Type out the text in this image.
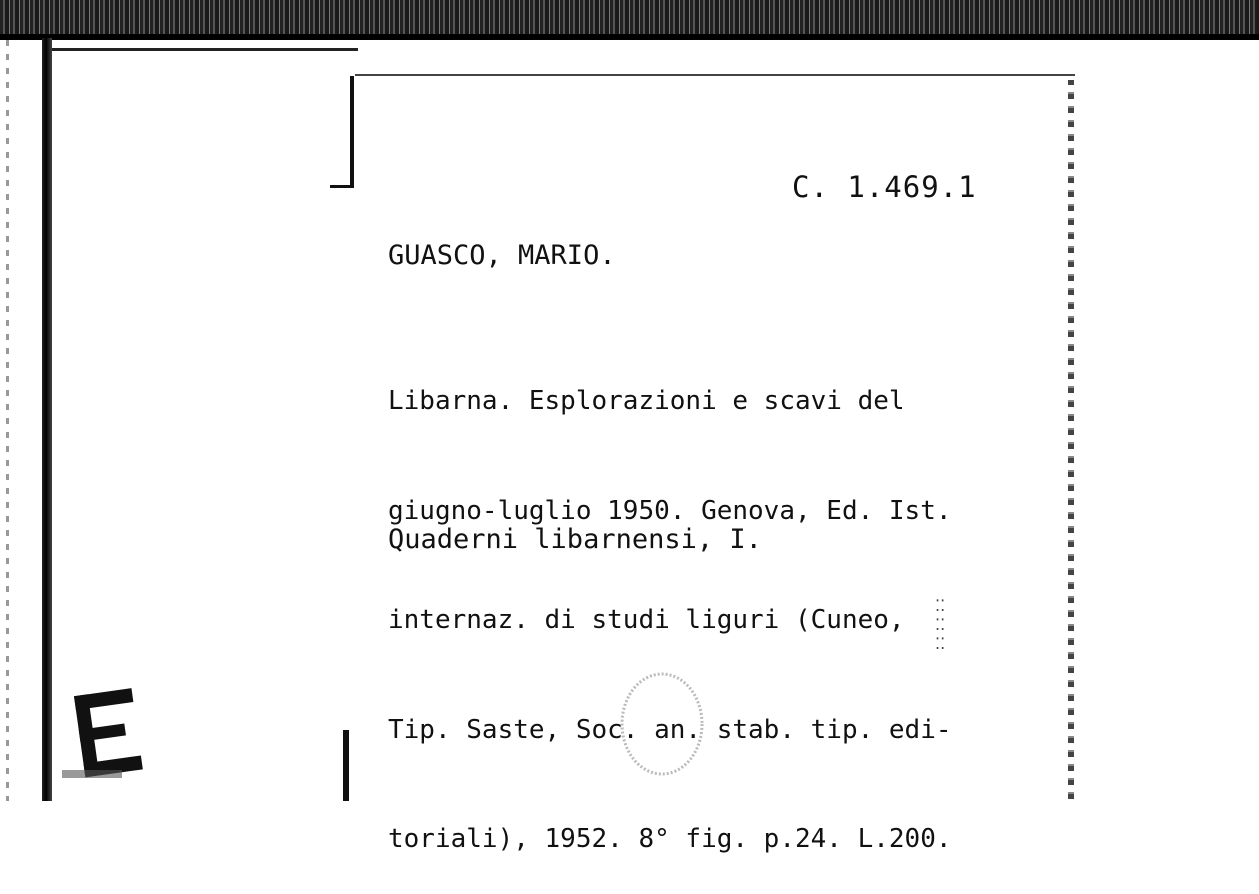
C. 1.469.1
GUASCO, MARIO.

Libarna. Esplorazioni e scavi del

giugno-luglio 1950. Genova, Ed. Ist.

internaz. di studi liguri (Cuneo,

Tip. Saste, Soc. an. stab. tip. edi-

toriali), 1952. 8° fig. p.24. L.200.

Quaderni libarnensi, I.
⁚⁚
⁚⁚
⁚⁚
